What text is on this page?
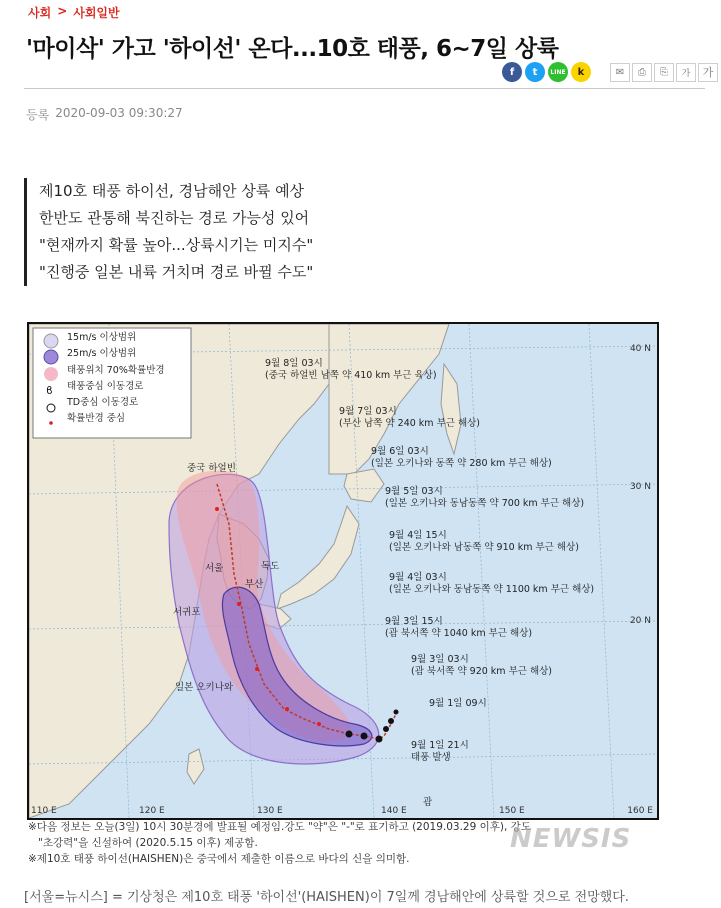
사회 > 사회일반
'마이삭' 가고 '하이선' 온다...10호 태풍, 6~7일 상륙
f	t	LINE	k	✉	⎙	⎘	가	가
등록 2020-09-03 09:30:27
제10호 태풍 하이선, 경남해안 상륙 예상
한반도 관통해 북진하는 경로 가능성 있어
"현재까지 확률 높아...상륙시기는 미지수"
"진행중 일본 내륙 거치며 경로 바뀔 수도"
ϐ
15m/s 이상범위
25m/s 이상범위
태풍위치 70%확률반경
태풍중심 이동경로
TD중심 이동경로
확률반경 중심
40 N
30 N
20 N
110 E	120 E	130 E	140 E	150 E	160 E
중국 하얼빈
서울	독도
부산
서귀포
일본 오키나와
괌
9월 8일 03시
(중국 하얼빈 남쪽 약 410 km 부근 육상)
9월 7일 03시
(부산 남쪽 약 240 km 부근 해상)
9월 6일 03시
(일본 오키나와 동쪽 약 280 km 부근 해상)
9월 5일 03시
(일본 오키나와 동남동쪽 약 700 km 부근 해상)
9월 4일 15시
(일본 오키나와 남동쪽 약 910 km 부근 해상)
9월 4일 03시
(일본 오키나와 동남동쪽 약 1100 km 부근 해상)
9월 3일 15시
(괌 북서쪽 약 1040 km 부근 해상)
9월 3일 03시
(괌 북서쪽 약 920 km 부근 해상)
9월 1일 09시
9월 1일 21시
태풍 발생
※다음 정보는 오늘(3일) 10시 30분경에 발표될 예정임.강도 "약"은 "-"로 표기하고 (2019.03.29 이후), 강도
"초강력"을 신설하여 (2020.5.15 이후) 제공함.
※제10호 태풍 하이선(HAISHEN)은 중국에서 제출한 이름으로 바다의 신을 의미함.
NEWSIS

[서울=뉴시스] = 기상청은 제10호 태풍 '하이선'(HAISHEN)이 7일께 경남해안에 상륙할 것으로 전망했다.
